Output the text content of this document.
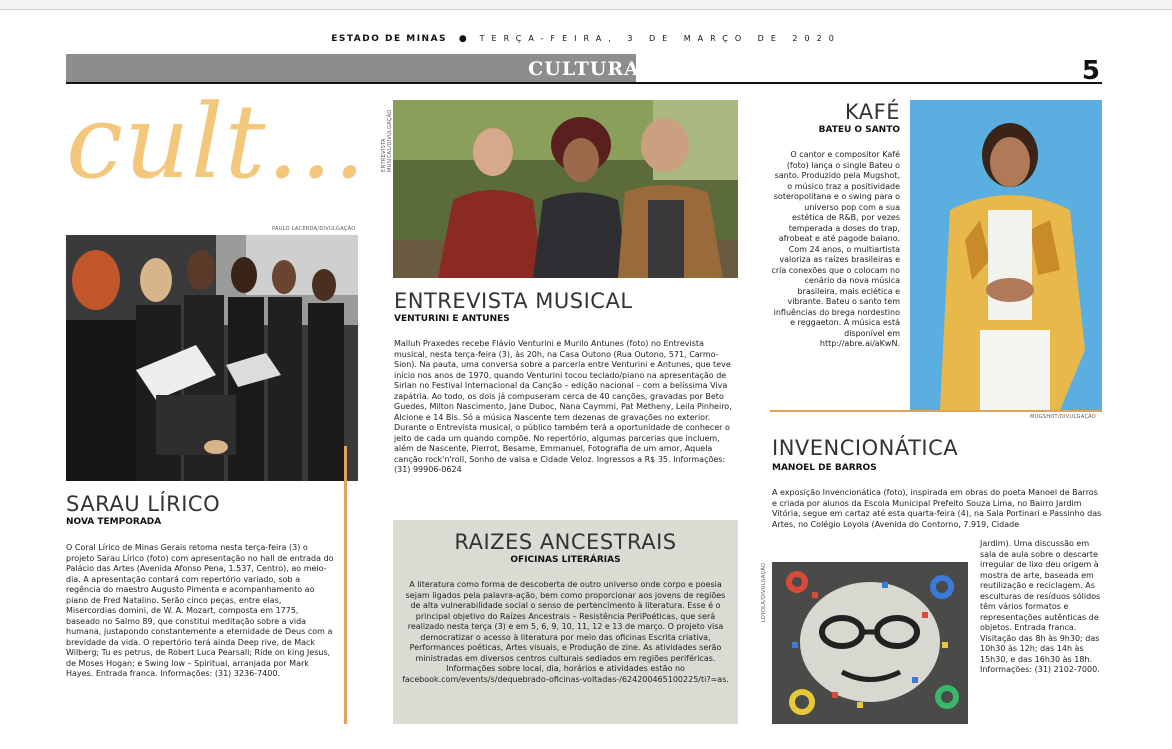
ESTADO DE MINAS ● TERÇA-FEIRA, 3 DE MARÇO DE 2020
CULTURA	5
cult...
PAULO LACERDA/DIVULGAÇÃO
SARAU LÍRICO
NOVA TEMPORADA
O Coral Lírico de Minas Gerais retoma nesta terça-feira (3) o projeto Sarau Lírico (foto) com apresentação no hall de entrada do Palácio das Artes (Avenida Afonso Pena, 1.537, Centro), ao meio-dia. A apresentação contará com repertório variado, sob a regência do maestro Augusto Pimenta e acompanhamento ao piano de Fred Natalino. Serão cinco peças, entre elas, Misercordias domini, de W. A. Mozart, composta em 1775, baseado no Salmo 89, que constitui meditação sobre a vida humana, justapondo constantemente a eternidade de Deus com a brevidade da vida. O repertório terá ainda Deep rive, de Mack Wilberg; Tu es petrus, de Robert Luca Pearsall; Ride on king Jesus, de Moses Hogan; e Swing low – Spiritual, arranjada por Mark Hayes. Entrada franca. Informações: (31) 3236-7400.
ENTREVISTA MUSICAL/DIVULGAÇÃO
ENTREVISTA MUSICAL
VENTURINI E ANTUNES
Malluh Praxedes recebe Flávio Venturini e Murilo Antunes (foto) no Entrevista musical, nesta terça-feira (3), às 20h, na Casa Outono (Rua Outono, 571, Carmo-Sion). Na pauta, uma conversa sobre a parceria entre Venturini e Antunes, que teve início nos anos de 1970, quando Venturini tocou teclado/piano na apresentação de Sirlan no Festival Internacional da Canção – edição nacional – com a belíssima Viva zapátria. Ao todo, os dois já compuseram cerca de 40 canções, gravadas por Beto Guedes, Milton Nascimento, Jane Duboc, Nana Caymmi, Pat Metheny, Leila Pinheiro, Alcione e 14 Bis. Só a música Nascente tem dezenas de gravações no exterior. Durante o Entrevista musical, o público também terá a oportunidade de conhecer o jeito de cada um quando compõe. No repertório, algumas parcerias que incluem, além de Nascente, Pierrot, Besame, Emmanuel, Fotografia de um amor, Aquela canção rock'n'roll, Sonho de valsa e Cidade Veloz. Ingressos a R$ 35. Informações: (31) 99906-0624
RAIZES ANCESTRAIS
OFICINAS LITERÁRIAS
A literatura como forma de descoberta de outro universo onde corpo e poesia sejam ligados pela palavra-ação, bem como proporcionar aos jovens de regiões de alta vulnerabilidade social o senso de pertencimento à literatura. Esse é o principal objetivo do Raízes Ancestrais – Resistência PeriPoéticas, que será realizado nesta terça (3) e em 5, 6, 9, 10, 11, 12 e 13 de março. O projeto visa democratizar o acesso à literatura por meio das oficinas Escrita criativa, Performances poéticas, Artes visuais, e Produção de zine. As atividades serão ministradas em diversos centros culturais sediados em regiões periféricas. Informações sobre local, dia, horários e atividades estão no facebook.com/events/s/dequebrado-oficinas-voltadas-/624200465100225/ti?=as.
KAFÉ
BATEU O SANTO
O cantor e compositor Kafé (foto) lança o single Bateu o santo. Produzido pela Mugshot, o músico traz a positividade soteropolitana e o swing para o universo pop com a sua estética de R&B, por vezes temperada a doses do trap, afrobeat e até pagode baiano. Com 24 anos, o multiartista valoriza as raízes brasileiras e cria conexões que o colocam no cenário da nova música brasileira, mais eclética e vibrante. Bateu o santo tem influências do brega nordestino e reggaeton. A música está disponível em http://abre.ai/aKwN.
MUGSHOT/DIVULGAÇÃO
INVENCIONÁTICA
MANOEL DE BARROS
A exposição Invencionática (foto), inspirada em obras do poeta Manoel de Barros e criada por alunos da Escola Municipal Prefeito Souza Lima, no Bairro Jardim Vitória, segue em cartaz até esta quarta-feira (4), na Sala Portinari e Passinho das Artes, no Colégio Loyola (Avenida do Contorno, 7.919, Cidade
LOYOLA/DIVULGAÇÃO
Jardim). Uma discussão em sala de aula sobre o descarte irregular de lixo deu origem à mostra de arte, baseada em reutilização e reciclagem. As esculturas de resíduos sólidos têm vários formatos e representações autênticas de objetos. Entrada franca. Visitação das 8h às 9h30; das 10h30 às 12h; das 14h às 15h30, e das 16h30 às 18h. Informações: (31) 2102-7000.
